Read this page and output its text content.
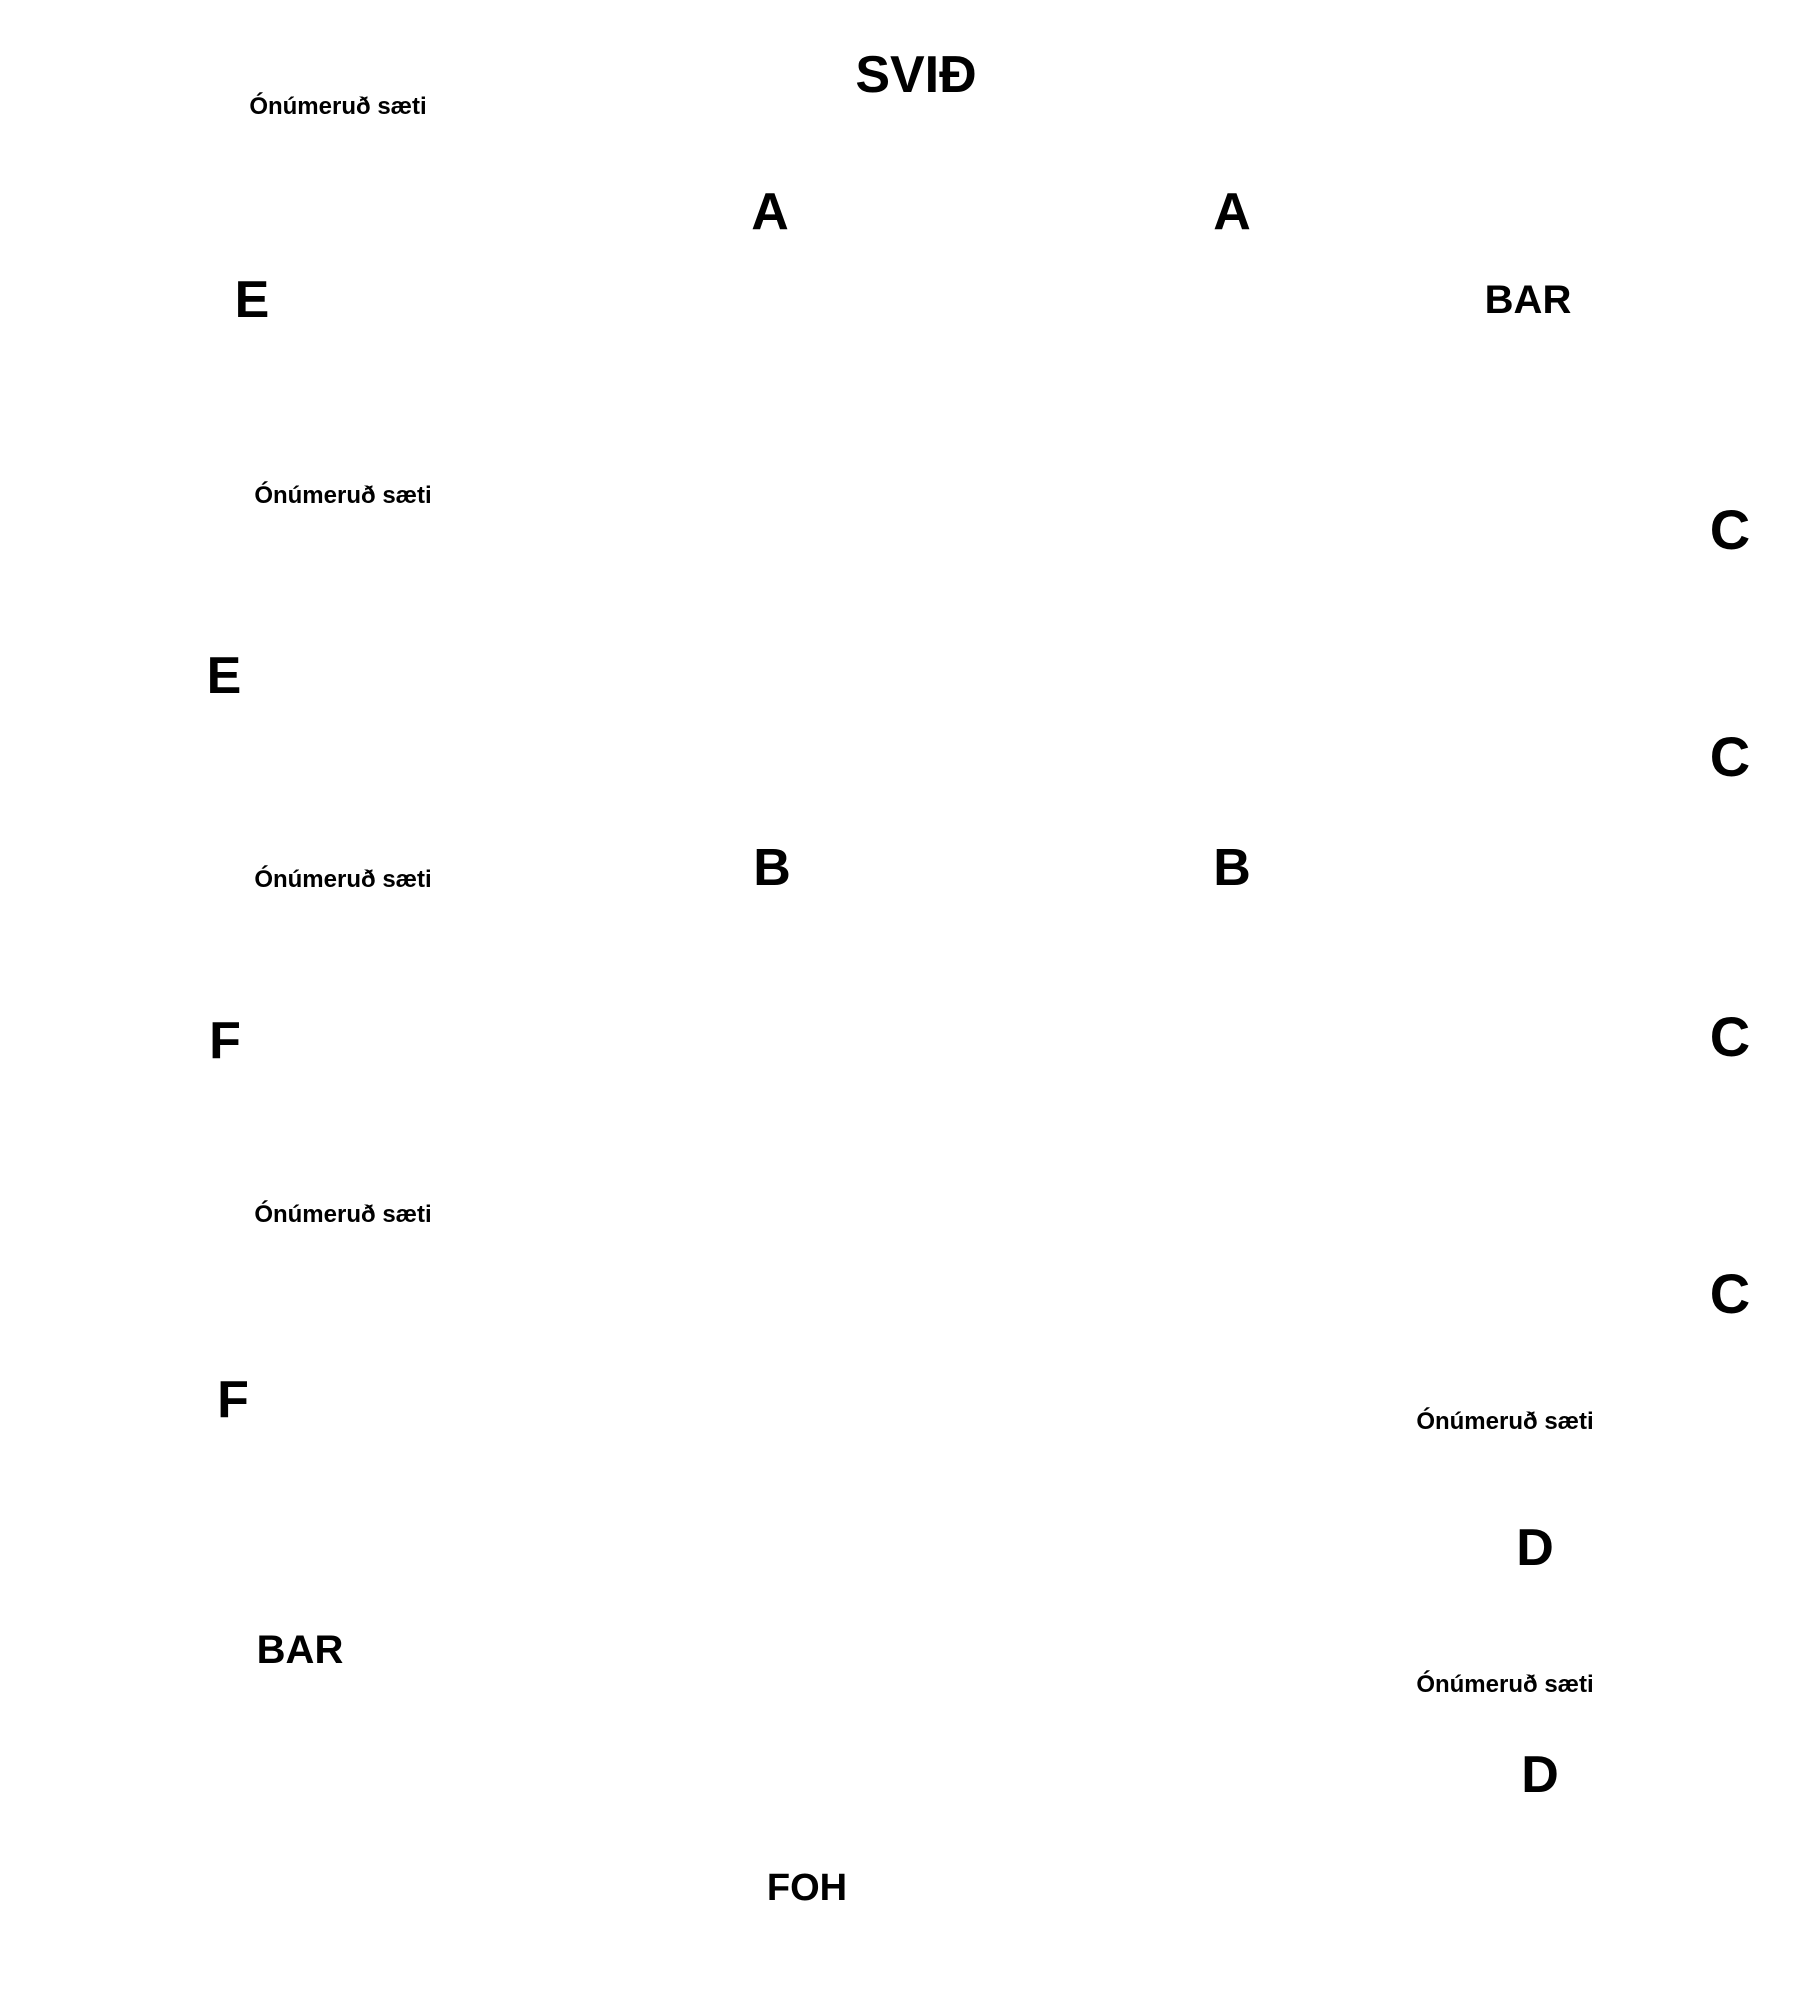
SVIÐ
FOH
Ónúmeruð sæti
E	BAR
A	A
Ónúmeruð sæti
C
E
C
B	B
Ónúmeruð sæti
F	C
Ónúmeruð sæti
C
F	Ónúmeruð sæti
D
BAR
Ónúmeruð sæti
D
